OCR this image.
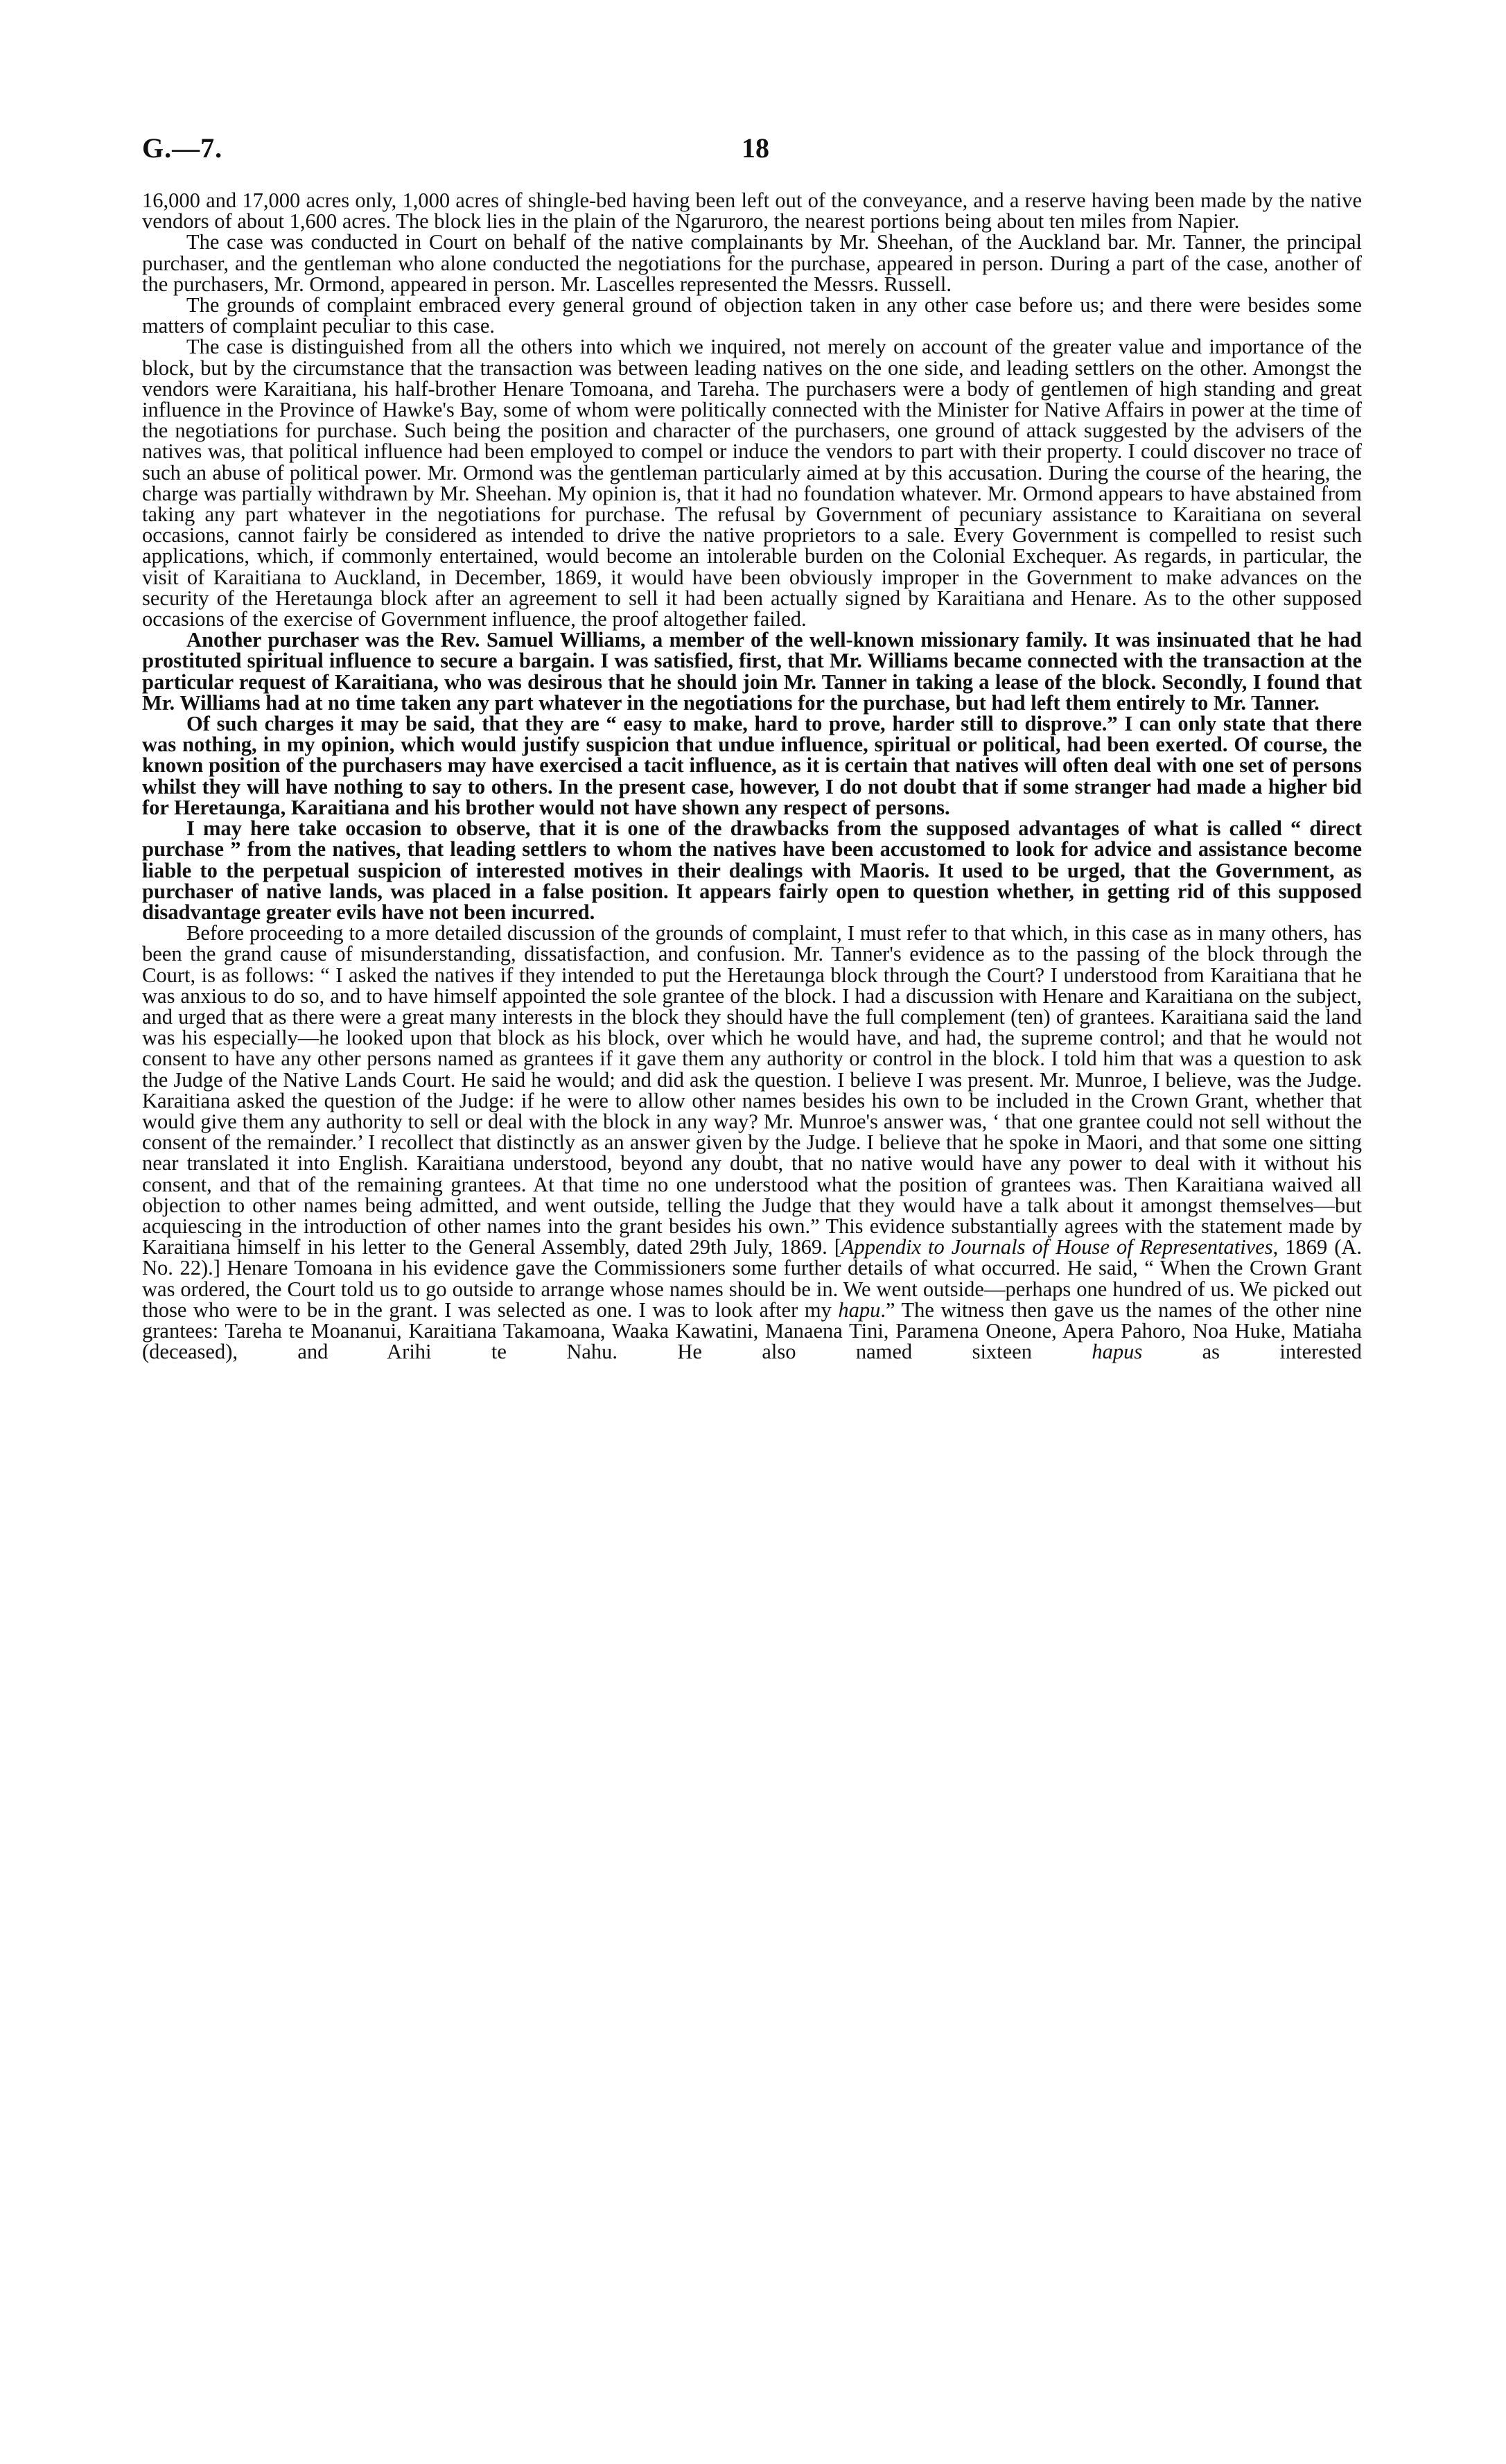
G.—7.	18

16,000 and 17,000 acres only, 1,000 acres of shingle-bed having been left out of the conveyance, and a reserve having been made by the native vendors of about 1,600 acres. The block lies in the plain of the Ngaruroro, the nearest portions being about ten miles from Napier.

The case was conducted in Court on behalf of the native complainants by Mr. Sheehan, of the Auckland bar. Mr. Tanner, the principal purchaser, and the gentleman who alone conducted the negotiations for the purchase, appeared in person. During a part of the case, another of the purchasers, Mr. Ormond, appeared in person. Mr. Lascelles represented the Messrs. Russell.

The grounds of complaint embraced every general ground of objection taken in any other case before us; and there were besides some matters of complaint peculiar to this case.

The case is distinguished from all the others into which we inquired, not merely on account of the greater value and importance of the block, but by the circumstance that the transaction was between leading natives on the one side, and leading settlers on the other. Amongst the vendors were Karaitiana, his half-brother Henare Tomoana, and Tareha. The purchasers were a body of gentlemen of high standing and great influence in the Province of Hawke's Bay, some of whom were politically connected with the Minister for Native Affairs in power at the time of the negotiations for purchase. Such being the position and character of the purchasers, one ground of attack suggested by the advisers of the natives was, that political influence had been employed to compel or induce the vendors to part with their property. I could discover no trace of such an abuse of political power. Mr. Ormond was the gentleman particularly aimed at by this accusation. During the course of the hearing, the charge was partially withdrawn by Mr. Sheehan. My opinion is, that it had no foundation whatever. Mr. Ormond appears to have abstained from taking any part whatever in the negotiations for purchase. The refusal by Government of pecuniary assistance to Karaitiana on several occasions, cannot fairly be considered as intended to drive the native proprietors to a sale. Every Government is compelled to resist such applications, which, if commonly entertained, would become an intolerable burden on the Colonial Exchequer. As regards, in particular, the visit of Karaitiana to Auckland, in December, 1869, it would have been obviously improper in the Government to make advances on the security of the Heretaunga block after an agreement to sell it had been actually signed by Karaitiana and Henare. As to the other supposed occasions of the exercise of Government influence, the proof altogether failed.

Another purchaser was the Rev. Samuel Williams, a member of the well-known missionary family. It was insinuated that he had prostituted spiritual influence to secure a bargain. I was satisfied, first, that Mr. Williams became connected with the transaction at the particular request of Karaitiana, who was desirous that he should join Mr. Tanner in taking a lease of the block. Secondly, I found that Mr. Williams had at no time taken any part whatever in the negotiations for the purchase, but had left them entirely to Mr. Tanner.

Of such charges it may be said, that they are “ easy to make, hard to prove, harder still to disprove.” I can only state that there was nothing, in my opinion, which would justify suspicion that undue influence, spiritual or political, had been exerted. Of course, the known position of the purchasers may have exercised a tacit influence, as it is certain that natives will often deal with one set of persons whilst they will have nothing to say to others. In the present case, however, I do not doubt that if some stranger had made a higher bid for Heretaunga, Karaitiana and his brother would not have shown any respect of persons.

I may here take occasion to observe, that it is one of the drawbacks from the supposed advantages of what is called “ direct purchase ” from the natives, that leading settlers to whom the natives have been accustomed to look for advice and assistance become liable to the perpetual suspicion of interested motives in their dealings with Maoris. It used to be urged, that the Government, as purchaser of native lands, was placed in a false position. It appears fairly open to question whether, in getting rid of this supposed disadvantage greater evils have not been incurred.

Before proceeding to a more detailed discussion of the grounds of complaint, I must refer to that which, in this case as in many others, has been the grand cause of misunderstanding, dissatisfaction, and confusion. Mr. Tanner's evidence as to the passing of the block through the Court, is as follows: “ I asked the natives if they intended to put the Heretaunga block through the Court? I understood from Karaitiana that he was anxious to do so, and to have himself appointed the sole grantee of the block. I had a discussion with Henare and Karaitiana on the subject, and urged that as there were a great many interests in the block they should have the full complement (ten) of grantees. Karaitiana said the land was his especially—he looked upon that block as his block, over which he would have, and had, the supreme control; and that he would not consent to have any other persons named as grantees if it gave them any authority or control in the block. I told him that was a question to ask the Judge of the Native Lands Court. He said he would; and did ask the question. I believe I was present. Mr. Munroe, I believe, was the Judge. Karaitiana asked the question of the Judge: if he were to allow other names besides his own to be included in the Crown Grant, whether that would give them any authority to sell or deal with the block in any way? Mr. Munroe's answer was, ‘ that one grantee could not sell without the consent of the remainder.’ I recollect that distinctly as an answer given by the Judge. I believe that he spoke in Maori, and that some one sitting near translated it into English. Karaitiana understood, beyond any doubt, that no native would have any power to deal with it without his consent, and that of the remaining grantees. At that time no one understood what the position of grantees was. Then Karaitiana waived all objection to other names being admitted, and went outside, telling the Judge that they would have a talk about it amongst themselves—but acquiescing in the introduction of other names into the grant besides his own.” This evidence substantially agrees with the statement made by Karaitiana himself in his letter to the General Assembly, dated 29th July, 1869. [Appendix to Journals of House of Representatives, 1869 (A. No. 22).] Henare Tomoana in his evidence gave the Commissioners some further details of what occurred. He said, “ When the Crown Grant was ordered, the Court told us to go outside to arrange whose names should be in. We went outside—perhaps one hundred of us. We picked out those who were to be in the grant. I was selected as one. I was to look after my hapu.” The witness then gave us the names of the other nine grantees: Tareha te Moananui, Karaitiana Takamoana, Waaka Kawatini, Manaena Tini, Paramena Oneone, Apera Pahoro, Noa Huke, Matiaha (deceased), and Arihi te Nahu. He also named sixteen hapus as interested
